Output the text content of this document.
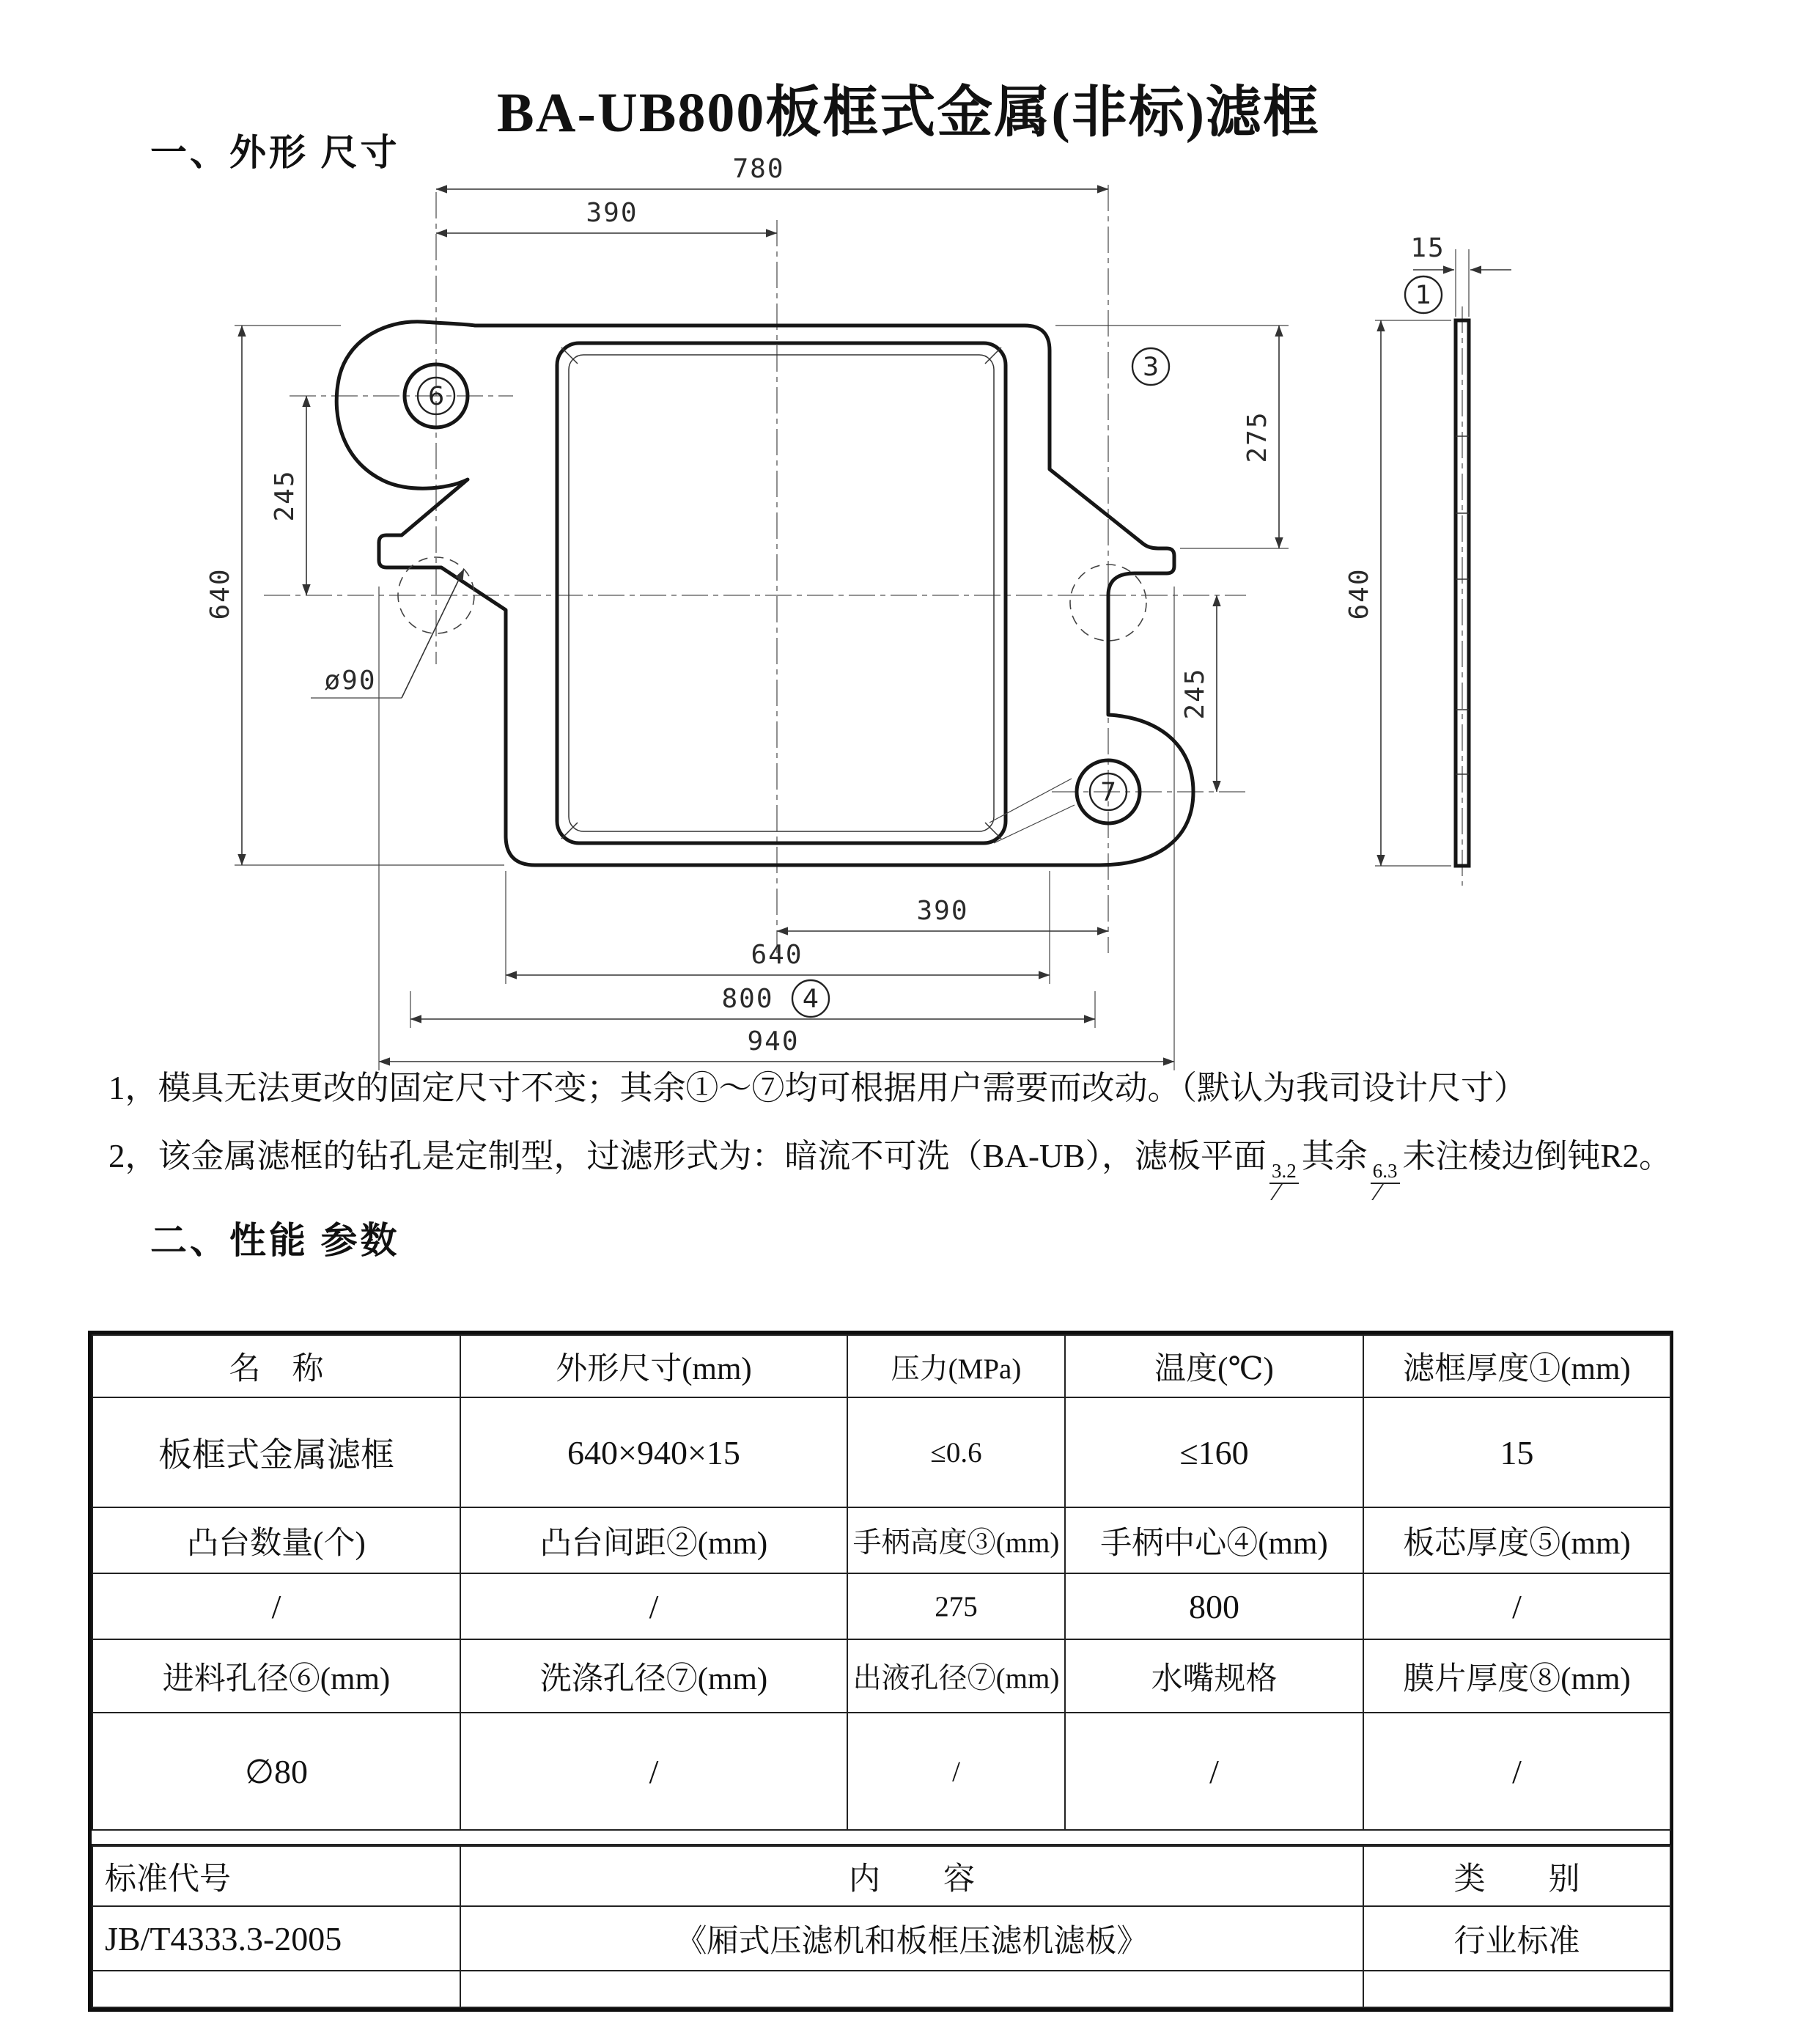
BA-UB800板框式金属(非标)滤框
一、外形 尺寸
6
7
ø90
780
390
640
245
275
245
390
640
800 4
940
3
15
1
640
1，模具无法更改的固定尺寸不变；其余①～⑦均可根据用户需要而改动。（默认为我司设计尺寸）
2，该金属滤框的钻孔是定制型，过滤形式为：暗流不可洗（BA-UB），滤板平面 3.2 其余 6.3 未注棱边倒钝R2。
二、性能 参数
名　称	外形尺寸(mm)	压力(MPa)	温度(℃)	滤框厚度①(mm)
板框式金属滤框	640×940×15	≤0.6	≤160	15
凸台数量(个)	凸台间距②(mm)	手柄高度③(mm)	手柄中心④(mm)	板芯厚度⑤(mm)
/	/	275	800	/
进料孔径⑥(mm)	洗涤孔径⑦(mm)	出液孔径⑦(mm)	水嘴规格	膜片厚度⑧(mm)
∅80	/	/	/	/
标准代号	内　　容	类　　别
JB/T4333.3-2005	《厢式压滤机和板框压滤机滤板》	行业标准
